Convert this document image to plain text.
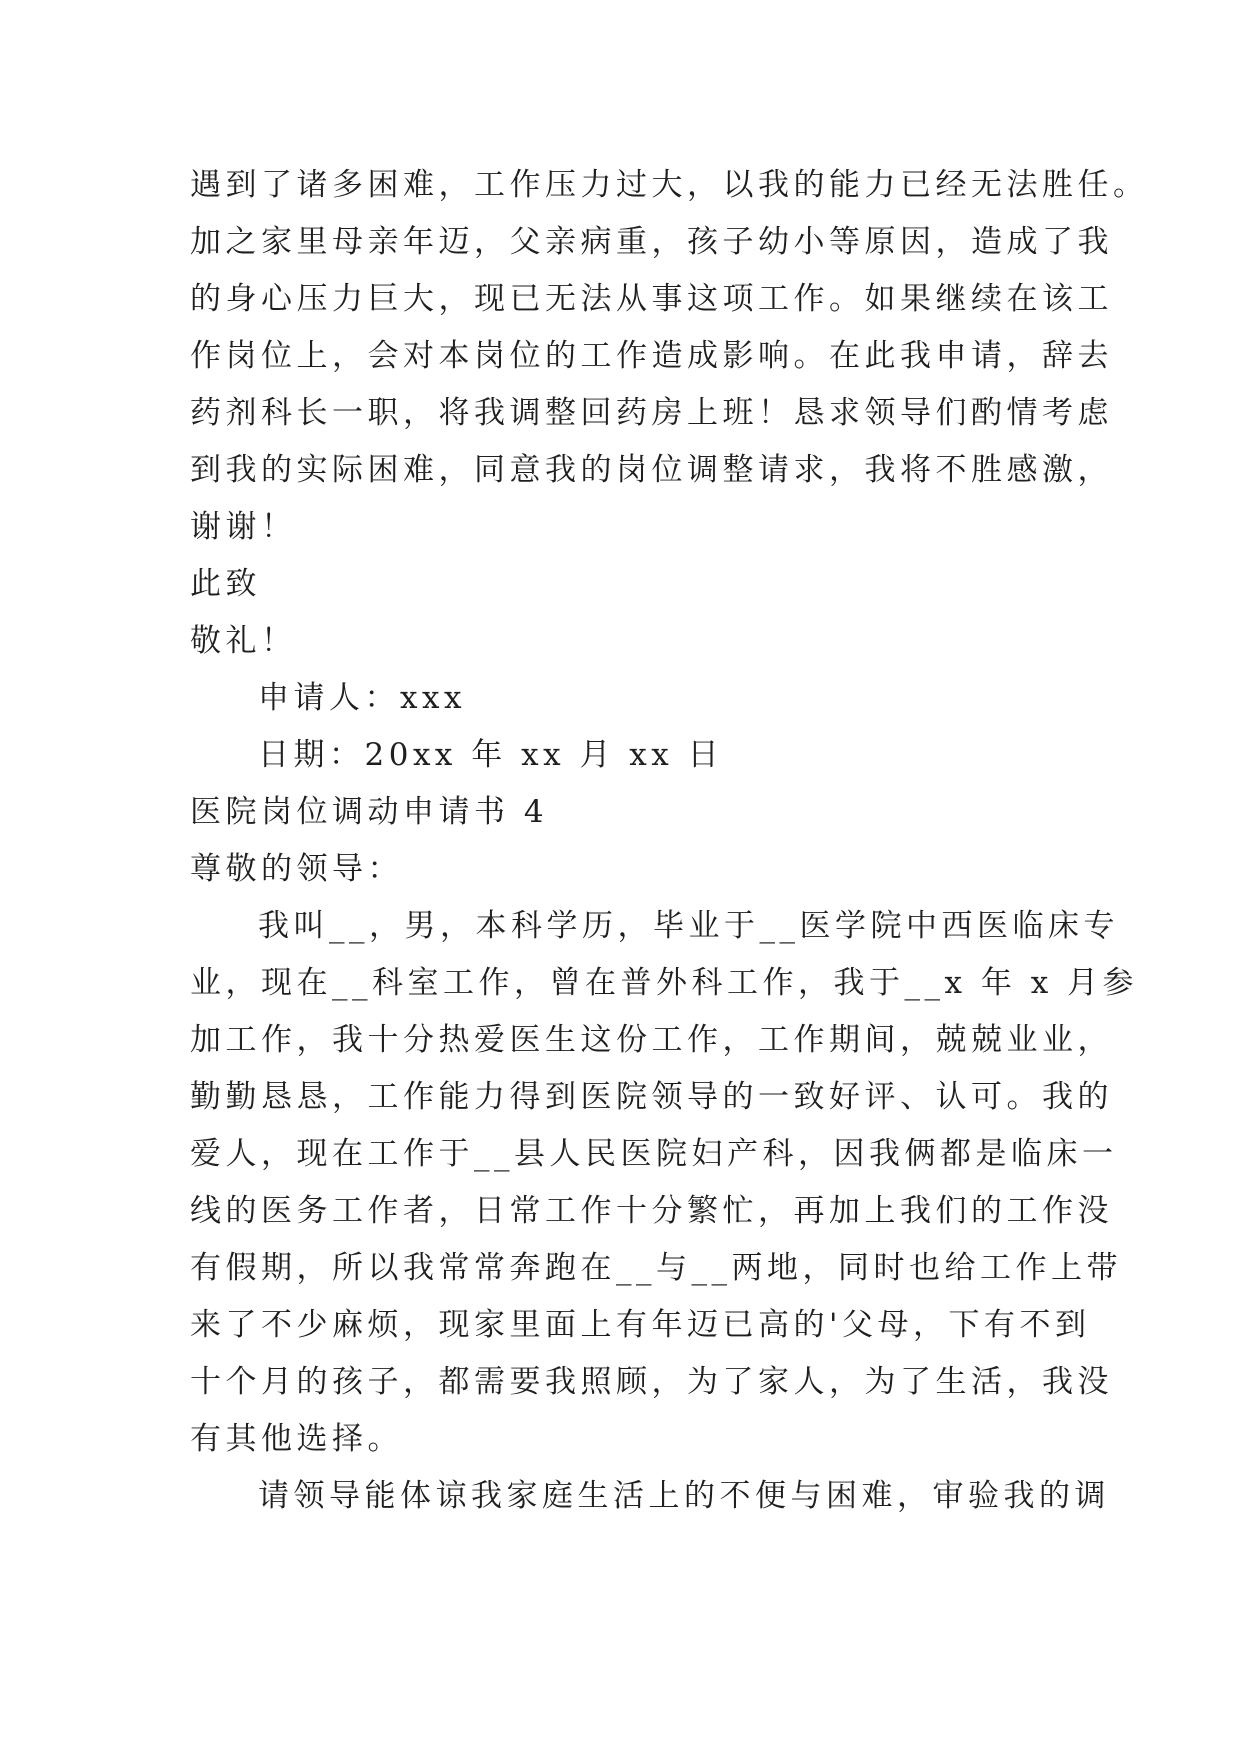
遇到了诸多困难，工作压力过大，以我的能力已经无法胜任。
加之家里母亲年迈，父亲病重，孩子幼小等原因，造成了我
的身心压力巨大，现已无法从事这项工作。如果继续在该工
作岗位上，会对本岗位的工作造成影响。在此我申请，辞去
药剂科长一职，将我调整回药房上班！恳求领导们酌情考虑
到我的实际困难，同意我的岗位调整请求，我将不胜感激，
谢谢！
此致
敬礼！
申请人：xxx
日期：20xx 年 xx 月 xx 日
医院岗位调动申请书 4
尊敬的领导：
我叫__，男，本科学历，毕业于__医学院中西医临床专
业，现在__科室工作，曾在普外科工作，我于__x 年 x 月参
加工作，我十分热爱医生这份工作，工作期间，兢兢业业，
勤勤恳恳，工作能力得到医院领导的一致好评、认可。我的
爱人，现在工作于__县人民医院妇产科，因我俩都是临床一
线的医务工作者，日常工作十分繁忙，再加上我们的工作没
有假期，所以我常常奔跑在__与__两地，同时也给工作上带
来了不少麻烦，现家里面上有年迈已高的'父母，下有不到
十个月的孩子，都需要我照顾，为了家人，为了生活，我没
有其他选择。
请领导能体谅我家庭生活上的不便与困难，审验我的调
